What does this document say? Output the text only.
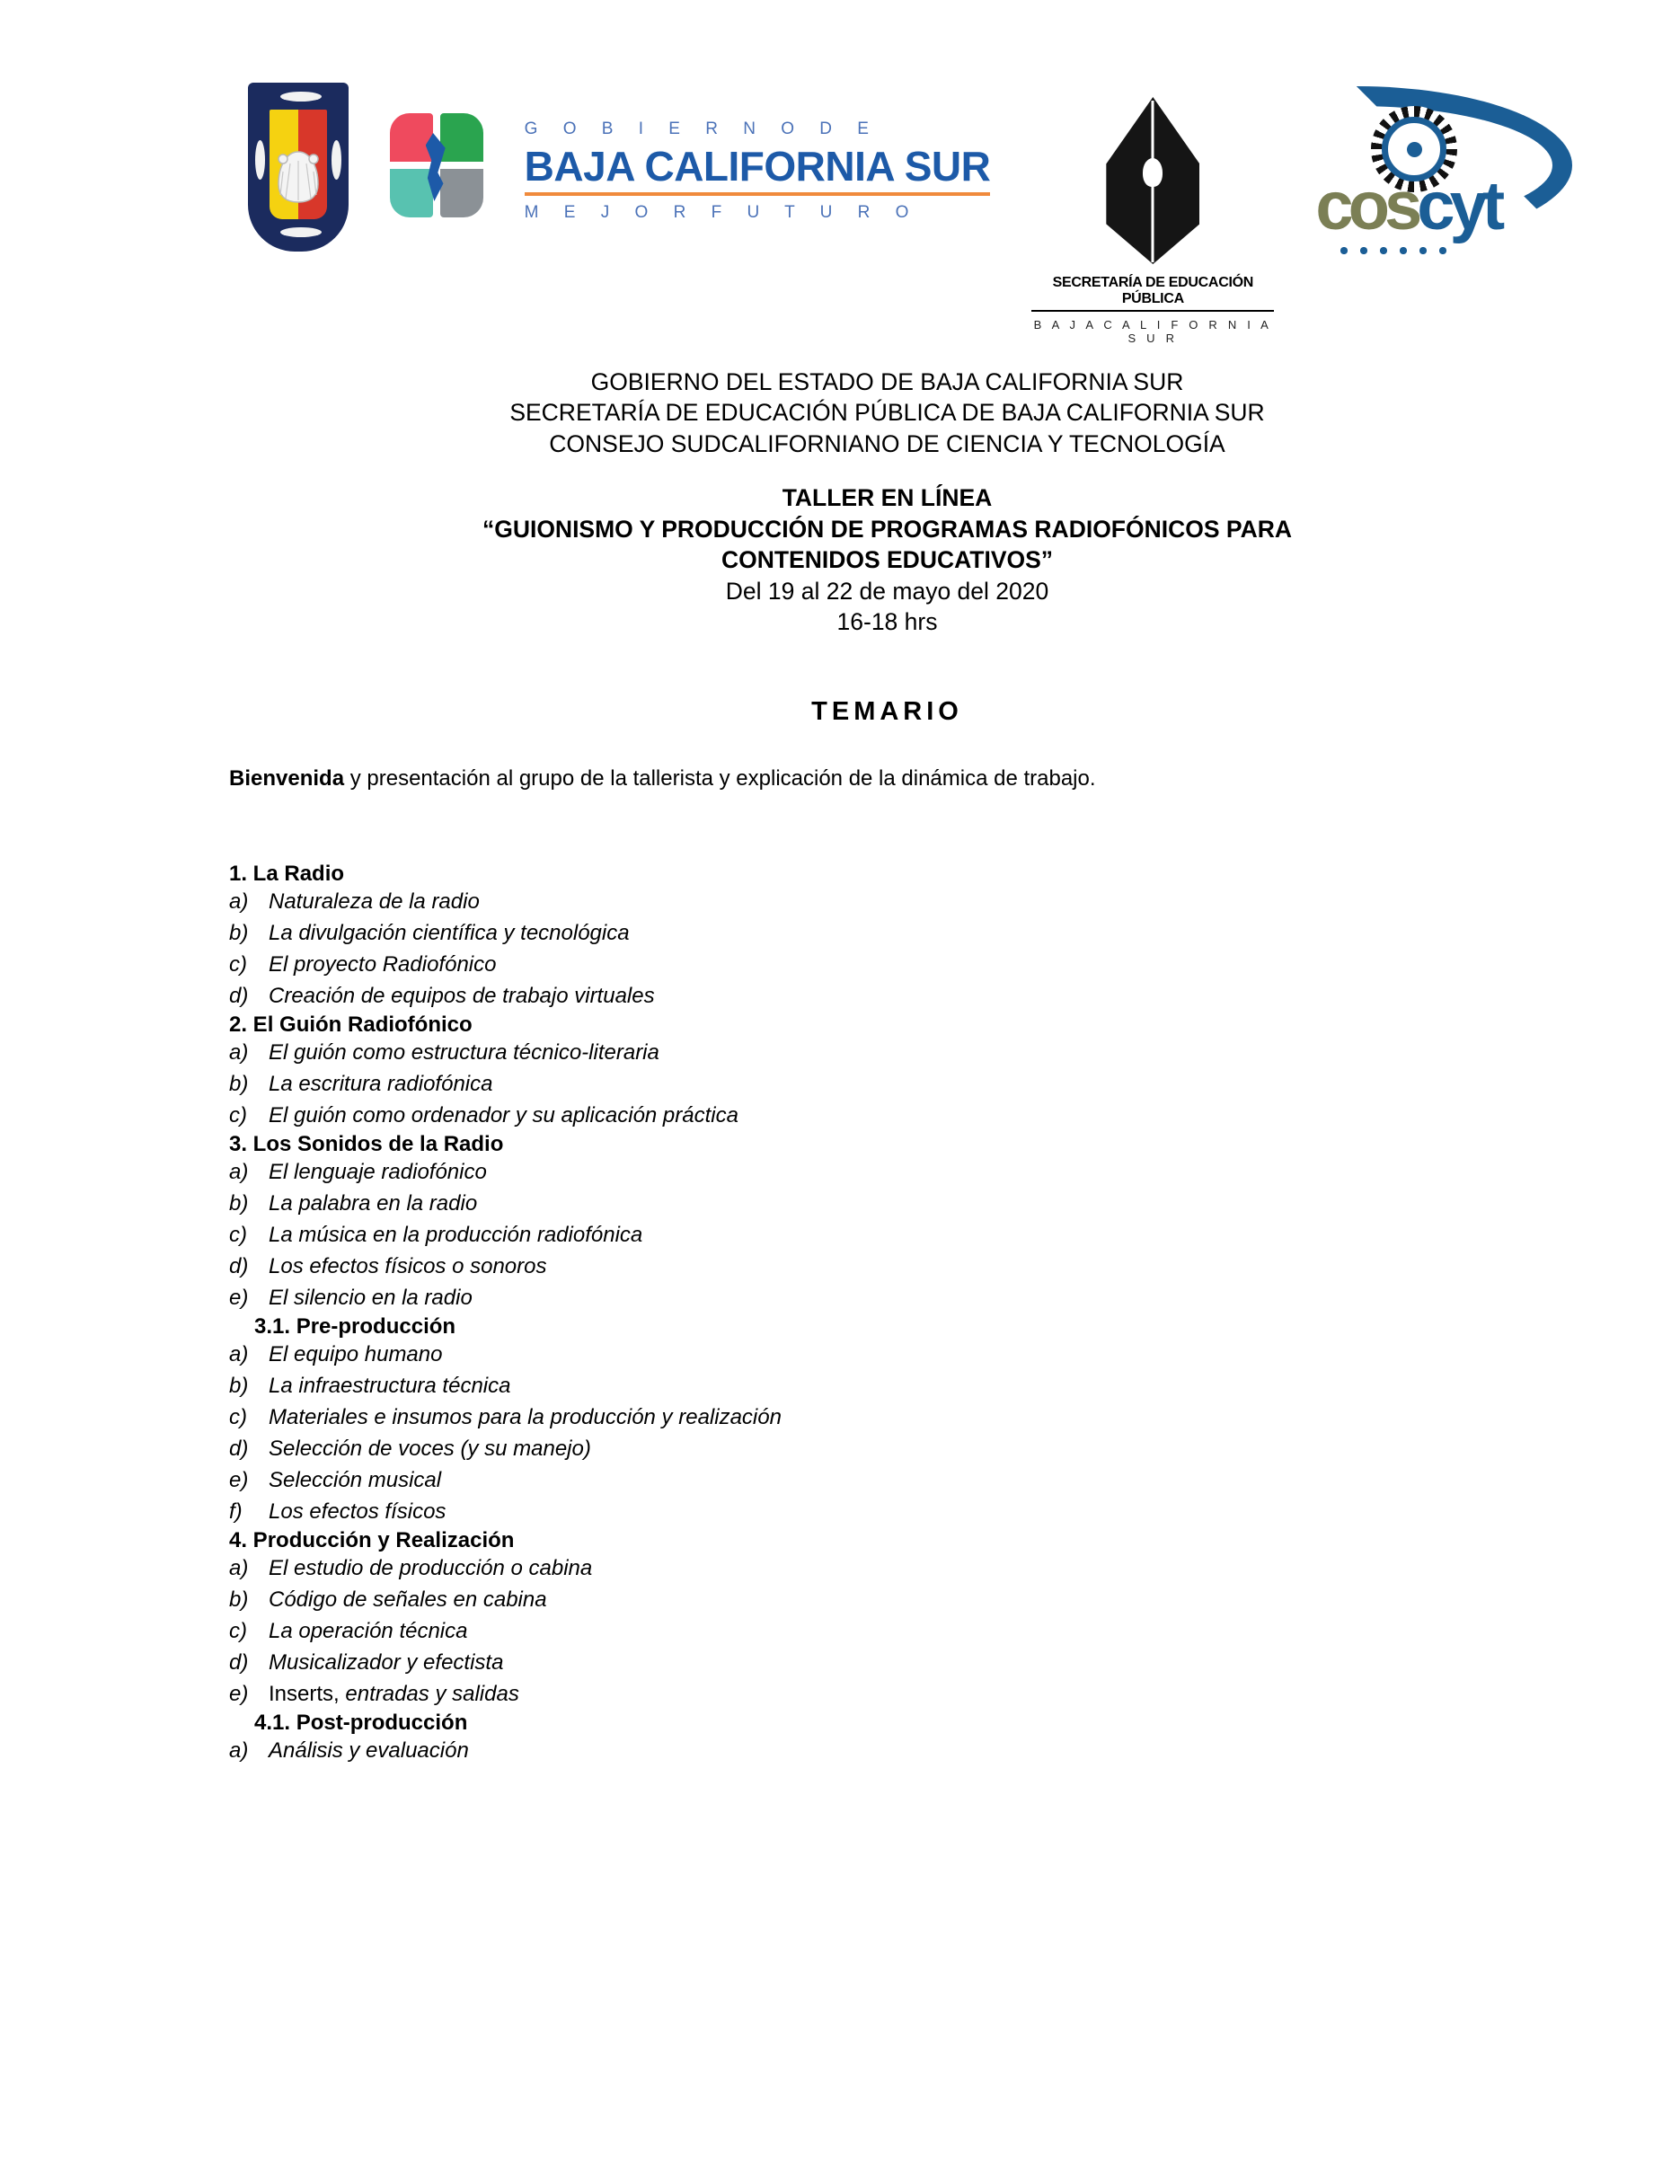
G O B I E R N O D E
BAJA CALIFORNIA SUR
M E J O R F U T U R O
SECRETARÍA DE EDUCACIÓN PÚBLICA
B A J A C A L I F O R N I A S U R
coscyt
GOBIERNO DEL ESTADO DE BAJA CALIFORNIA SUR
SECRETARÍA DE EDUCACIÓN PÚBLICA DE BAJA CALIFORNIA SUR
CONSEJO SUDCALIFORNIANO DE CIENCIA Y TECNOLOGÍA
TALLER EN LÍNEA
“GUIONISMO Y PRODUCCIÓN DE PROGRAMAS RADIOFÓNICOS PARA
CONTENIDOS EDUCATIVOS”
Del 19 al 22 de mayo del 2020
16-18 hrs
TEMARIO
Bienvenida y presentación al grupo de la tallerista y explicación de la dinámica de trabajo.
1. La Radio
a) Naturaleza de la radio
b) La divulgación científica y tecnológica
c)	El proyecto Radiofónico
d) Creación de equipos de trabajo virtuales
2. El Guión Radiofónico
a) El guión como estructura técnico-literaria
b) La escritura radiofónica
c)	El guión como ordenador y su aplicación práctica
3. Los Sonidos de la Radio
a) El lenguaje radiofónico
b) La palabra en la radio
c)	La música en la producción radiofónica
d) Los efectos físicos o sonoros
e) El silencio en la radio
3.1. Pre-producción
a) El equipo humano
b) La infraestructura técnica
c)	Materiales e insumos para la producción y realización
d) Selección de voces (y su manejo)
e) Selección musical
f)	Los efectos físicos
4. Producción y Realización
a) El estudio de producción o cabina
b) Código de señales en cabina
c)	La operación técnica
d) Musicalizador y efectista
e) Inserts, entradas y salidas
4.1. Post-producción
a) Análisis y evaluación
